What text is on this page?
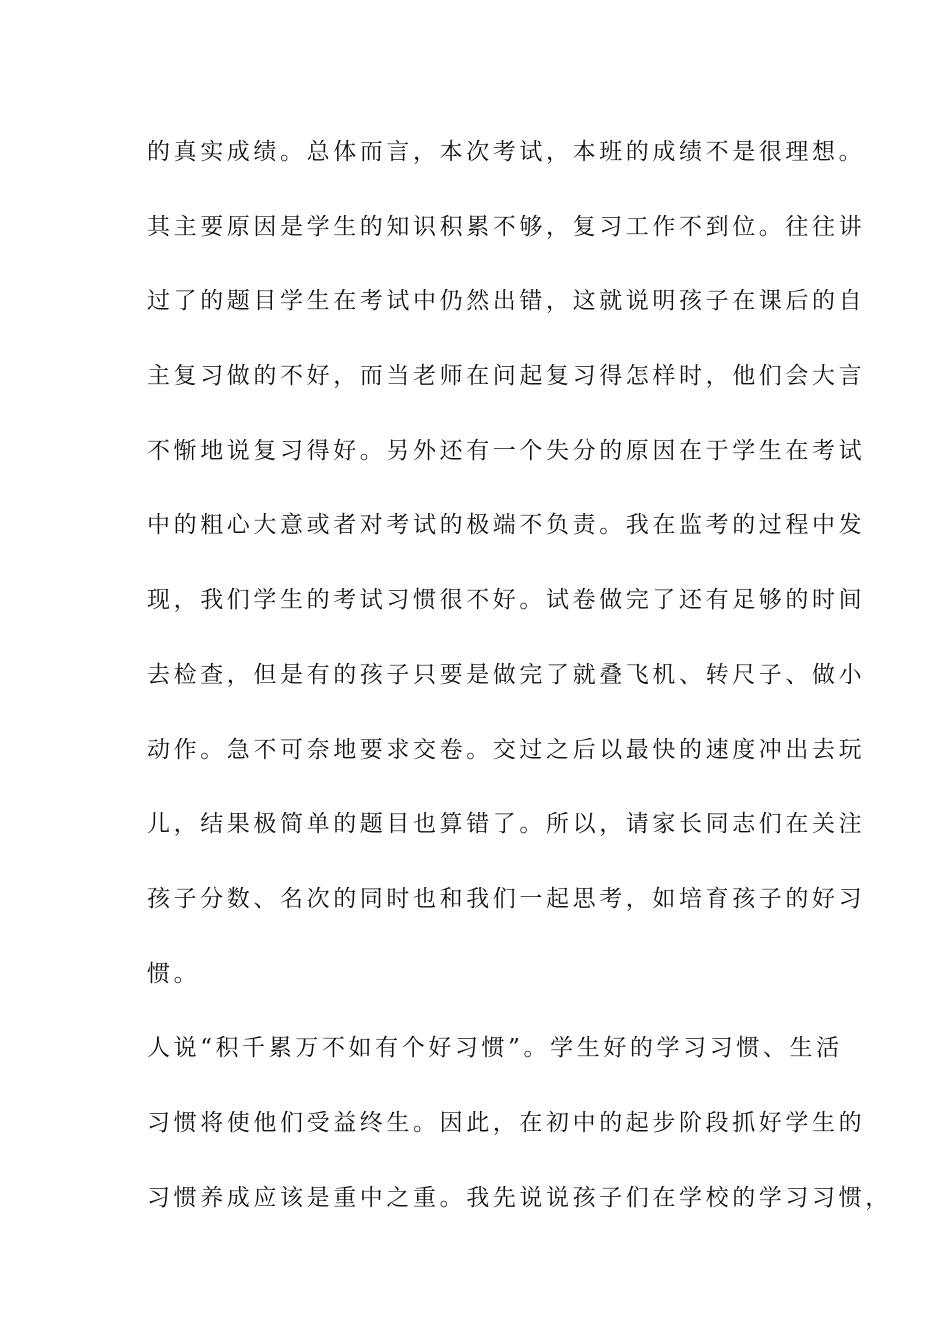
的真实成绩。总体而言，本次考试，本班的成绩不是很理想。
其主要原因是学生的知识积累不够，复习工作不到位。往往讲
过了的题目学生在考试中仍然出错，这就说明孩子在课后的自
主复习做的不好，而当老师在问起复习得怎样时，他们会大言
不惭地说复习得好。另外还有一个失分的原因在于学生在考试
中的粗心大意或者对考试的极端不负责。我在监考的过程中发
现，我们学生的考试习惯很不好。试卷做完了还有足够的时间
去检查，但是有的孩子只要是做完了就叠飞机、转尺子、做小
动作。急不可奈地要求交卷。交过之后以最快的速度冲出去玩
儿，结果极简单的题目也算错了。所以，请家长同志们在关注
孩子分数、名次的同时也和我们一起思考，如培育孩子的好习
惯。
人说“积千累万不如有个好习惯”。学生好的学习习惯、生活
习惯将使他们受益终生。因此，在初中的起步阶段抓好学生的
习惯养成应该是重中之重。我先说说孩子们在学校的学习习惯，
